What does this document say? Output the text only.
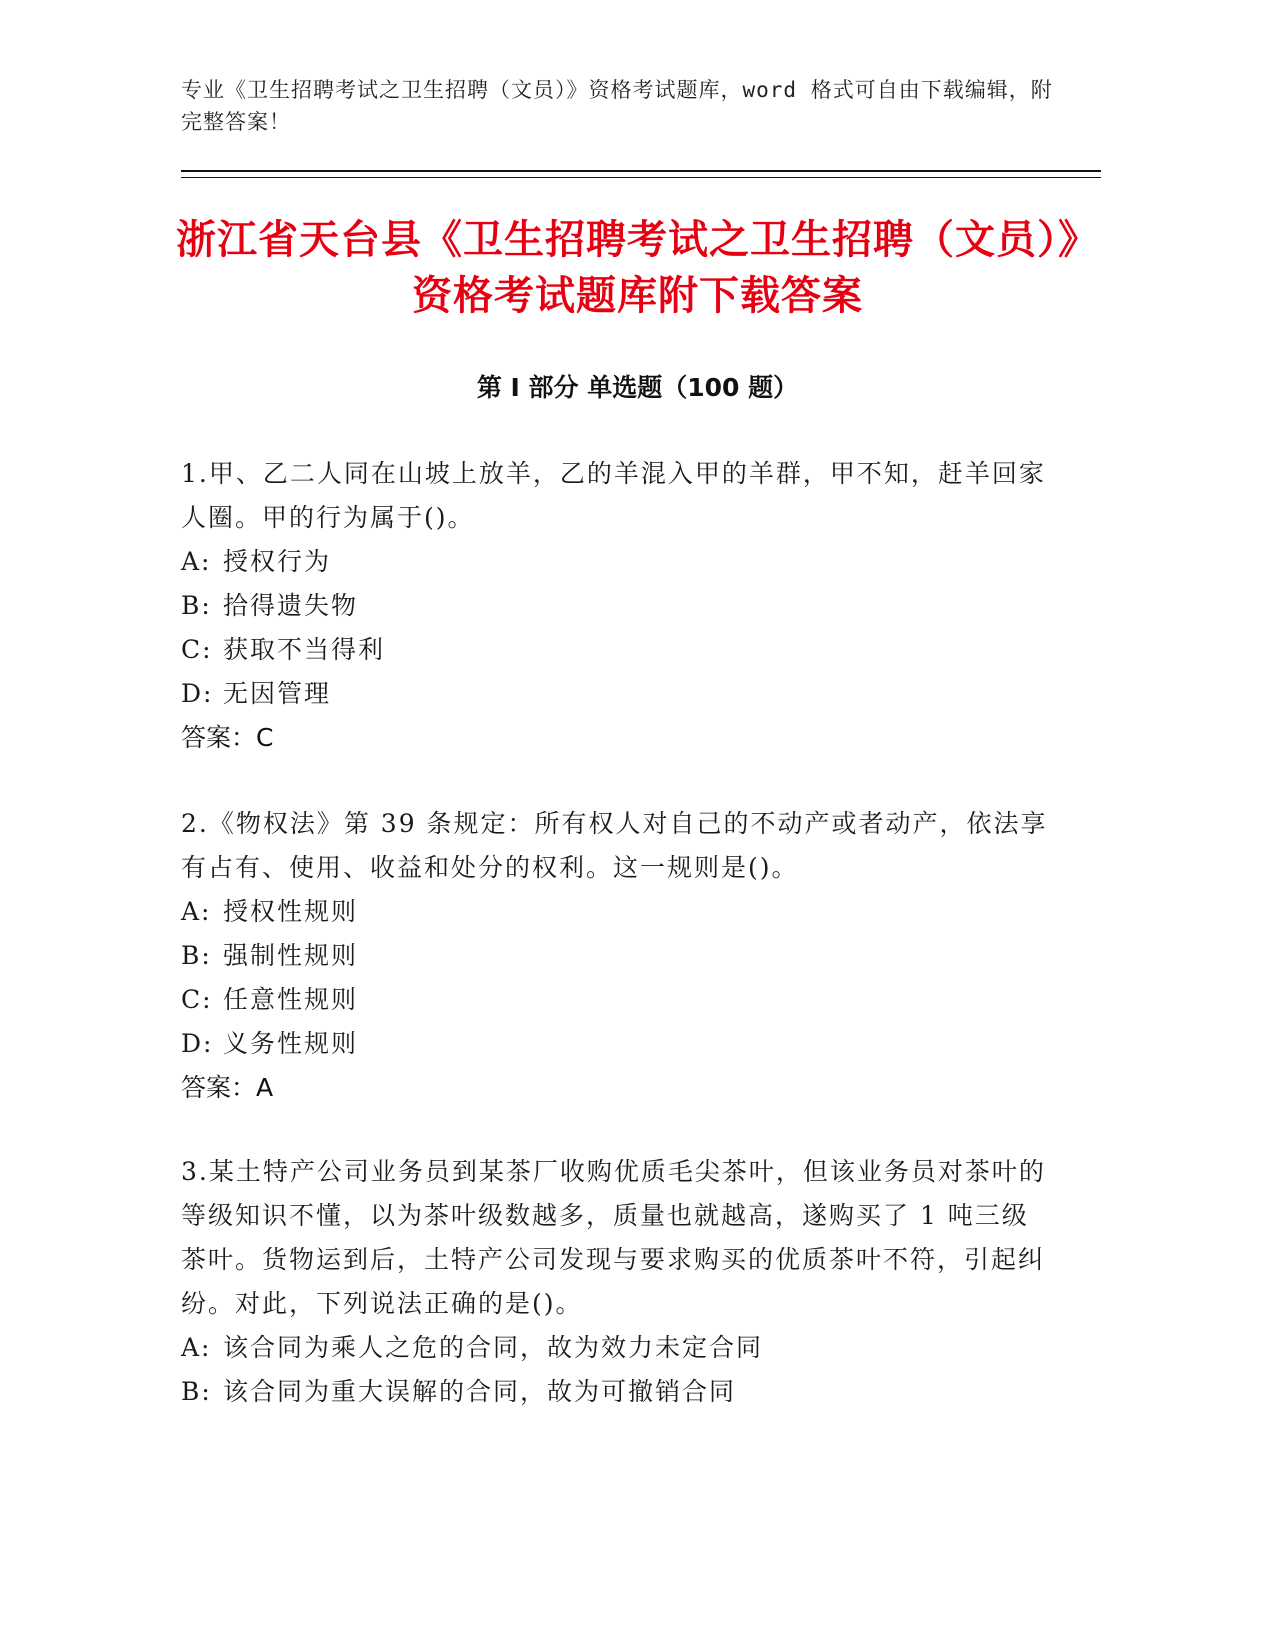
专业《卫生招聘考试之卫生招聘（文员）》资格考试题库，word 格式可自由下载编辑，附完整答案！
浙江省天台县《卫生招聘考试之卫生招聘（文员）》资格考试题库附下载答案
第 I 部分 单选题（100 题）
1.甲、乙二人同在山坡上放羊，乙的羊混入甲的羊群，甲不知，赶羊回家人圈。甲的行为属于()。
A: 授权行为
B: 拾得遗失物
C: 获取不当得利
D: 无因管理
答案：C
2.《物权法》第 39 条规定：所有权人对自己的不动产或者动产，依法享有占有、使用、收益和处分的权利。这一规则是()。
A: 授权性规则
B: 强制性规则
C: 任意性规则
D: 义务性规则
答案：A
3.某土特产公司业务员到某茶厂收购优质毛尖茶叶，但该业务员对茶叶的等级知识不懂，以为茶叶级数越多，质量也就越高，遂购买了 1 吨三级茶叶。货物运到后，土特产公司发现与要求购买的优质茶叶不符，引起纠纷。对此，下列说法正确的是()。
A: 该合同为乘人之危的合同，故为效力未定合同
B: 该合同为重大误解的合同，故为可撤销合同
